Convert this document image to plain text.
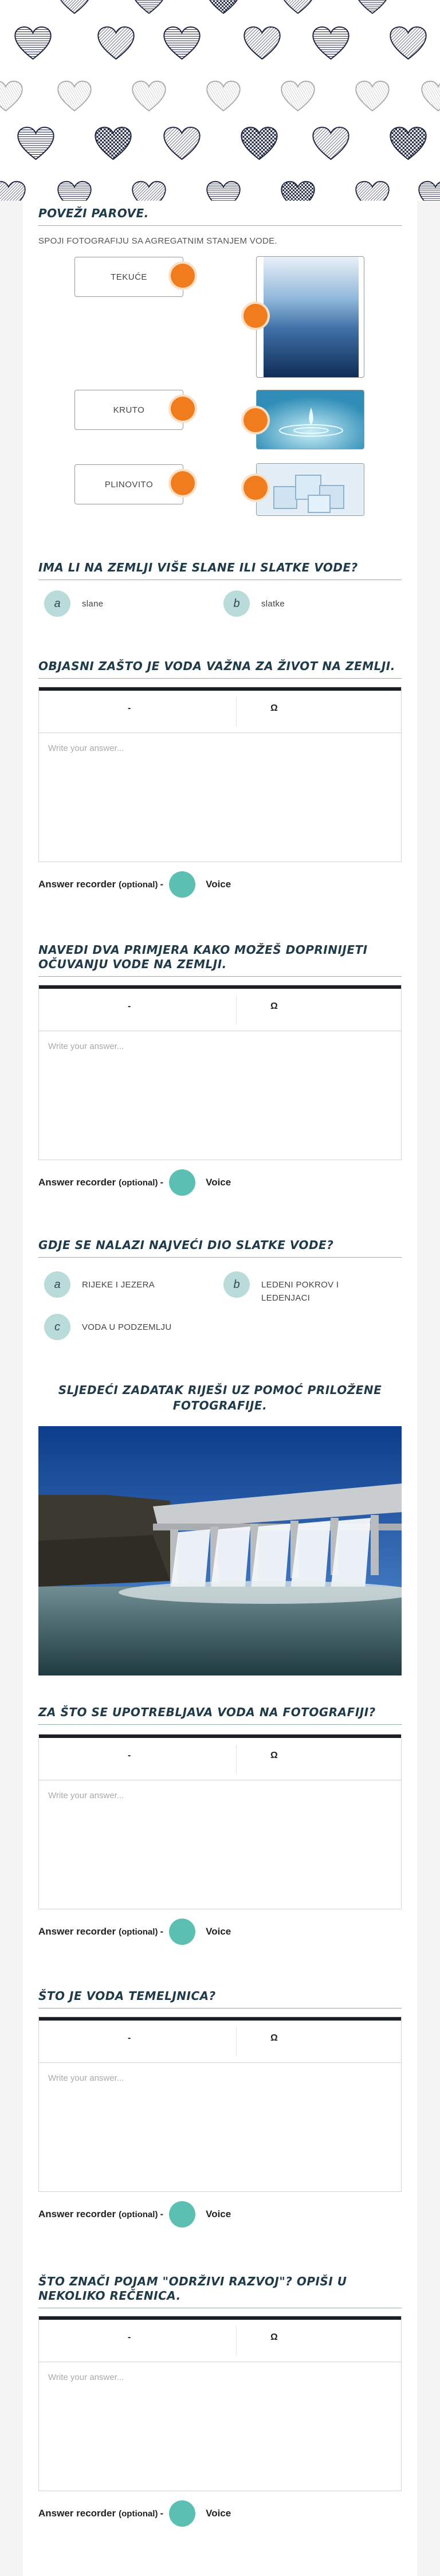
POVEŽI PAROVE.
SPOJI FOTOGRAFIJU SA AGREGATNIM STANJEM VODE.
TEKUĆE
KRUTO
PLINOVITO
IMA LI NA ZEMLJI VIŠE SLANE ILI SLATKE VODE?
a	slane	b	slatke
OBJASNI ZAŠTO JE VODA VAŽNA ZA ŽIVOT NA ZEMLJI.
-	Ω
Write your answer...
Answer recorder (optional) -	Voice
NAVEDI DVA PRIMJERA KAKO MOŽEŠ DOPRINIJETI OČUVANJU VODE NA ZEMLJI.
-	Ω
Write your answer...
Answer recorder (optional) -	Voice
GDJE SE NALAZI NAJVEĆI DIO SLATKE VODE?
a	RIJEKE I JEZERA	b	LEDENI POKROV I LEDENJACI
c	VODA U PODZEMLJU
SLJEDEĆI ZADATAK RIJEŠI UZ POMOĆ PRILOŽENE FOTOGRAFIJE.
ZA ŠTO SE UPOTREBLJAVA VODA NA FOTOGRAFIJI?
-	Ω
Write your answer...
Answer recorder (optional) -	Voice
ŠTO JE VODA TEMELJNICA?
-	Ω
Write your answer...
Answer recorder (optional) -	Voice
ŠTO ZNAČI POJAM "ODRŽIVI RAZVOJ"? OPIŠI U NEKOLIKO REČENICA.
-	Ω
Write your answer...
Answer recorder (optional) -	Voice
